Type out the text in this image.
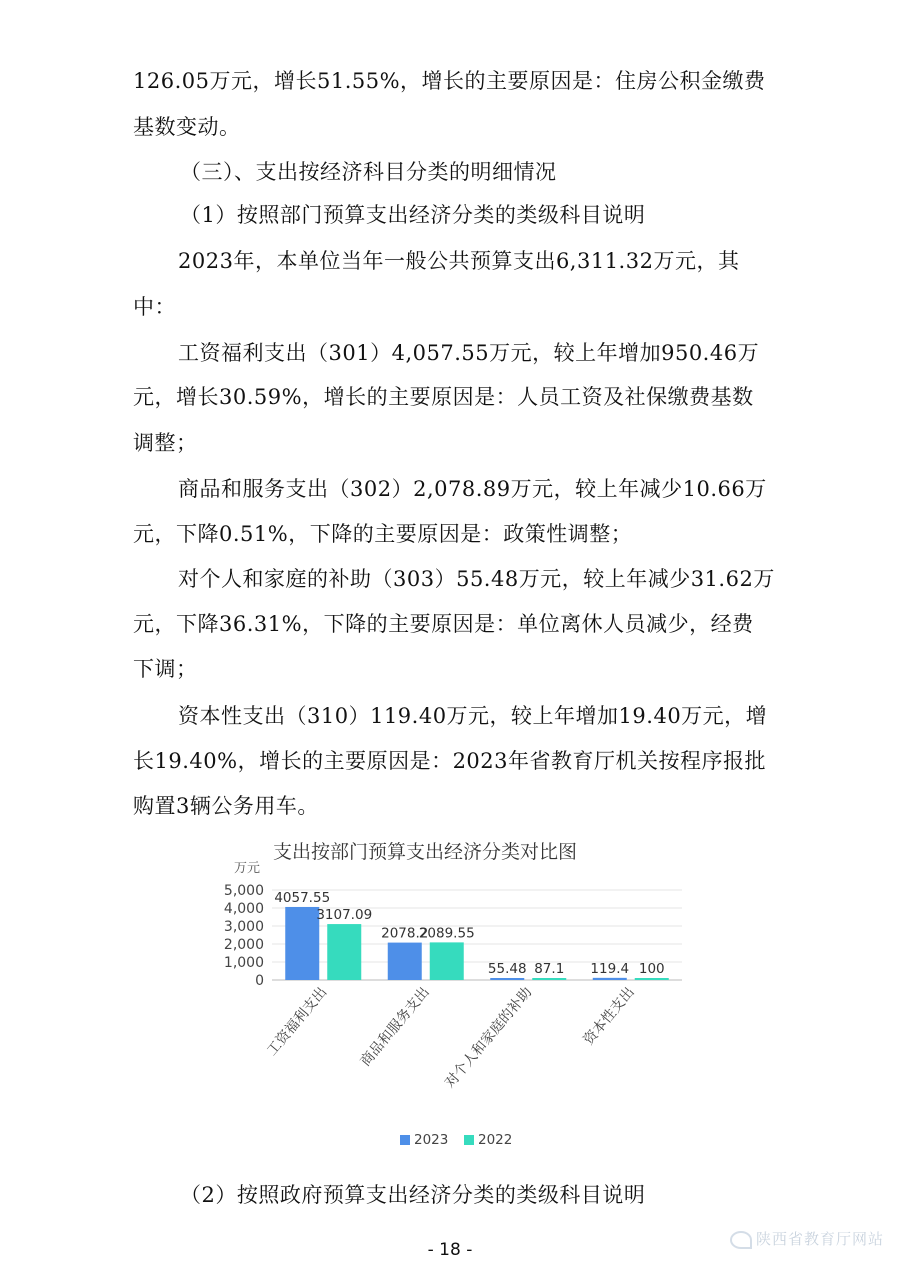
126.05万元，增长51.55%，增长的主要原因是：住房公积金缴费
基数变动。
（三）、支出按经济科目分类的明细情况
（1）按照部门预算支出经济分类的类级科目说明
2023年，本单位当年一般公共预算支出6,311.32万元，其
中：
工资福利支出（301）4,057.55万元，较上年增加950.46万
元，增长30.59%，增长的主要原因是：人员工资及社保缴费基数
调整；
商品和服务支出（302）2,078.89万元，较上年减少10.66万
元，下降0.51%，下降的主要原因是：政策性调整；
对个人和家庭的补助（303）55.48万元，较上年减少31.62万
元，下降36.31%，下降的主要原因是：单位离休人员减少，经费
下调；
资本性支出（310）119.40万元，较上年增加19.40万元，增
长19.40%，增长的主要原因是：2023年省教育厅机关按程序报批
购置3辆公务用车。
支出按部门预算支出经济分类对比图
万元
5,000
4,000
3,000
2,000
1,000
0
4057.55
3107.09
2078.2
2089.55
55.48 87.1 119.4 100
工资福利支出 商品和服务支出 对个人和家庭的补助	资本性支出
2023 2022
（2）按照政府预算支出经济分类的类级科目说明
- 18 -
陕西省教育厅网站
